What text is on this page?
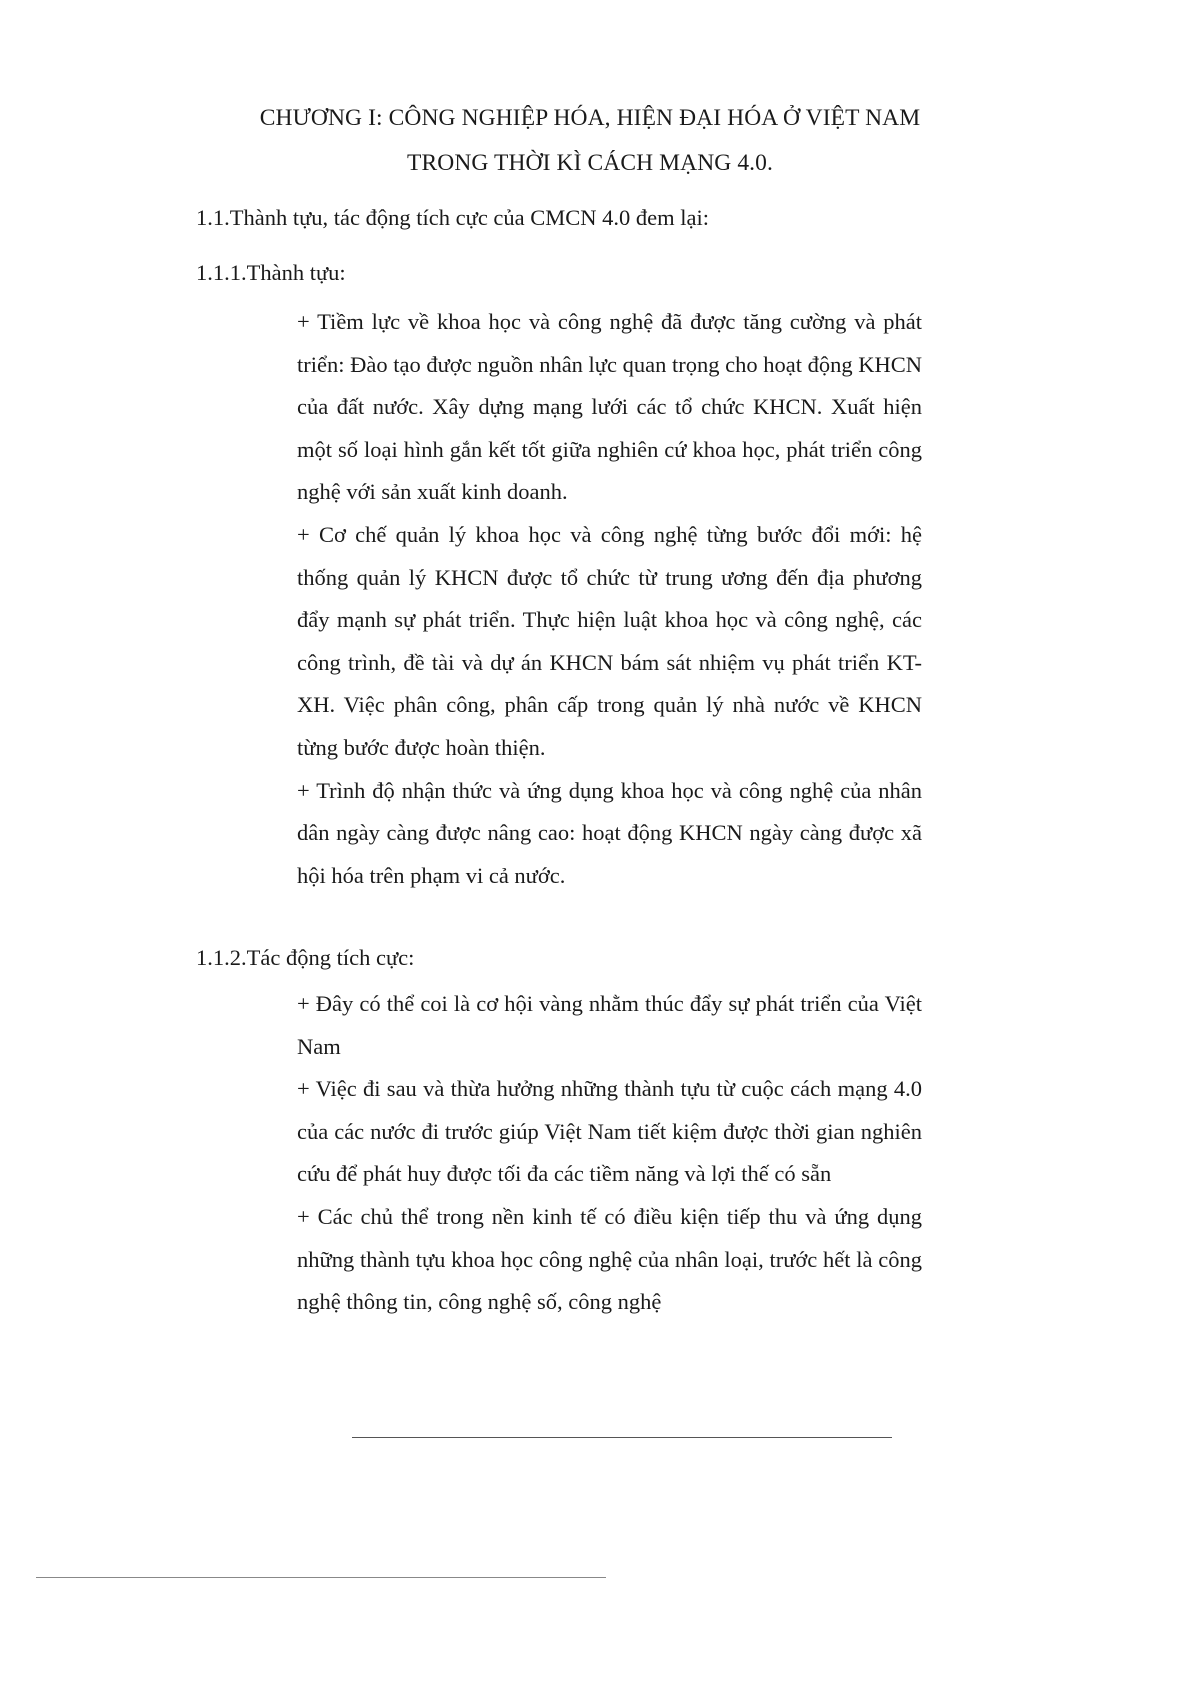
CHƯƠNG I: CÔNG NGHIỆP HÓA, HIỆN ĐẠI HÓA Ở VIỆT NAM
TRONG THỜI KÌ CÁCH MẠNG 4.0.
1.1.Thành tựu, tác động tích cực của CMCN 4.0 đem lại:
1.1.1.Thành tựu:

+ Tiềm lực về khoa học và công nghệ đã được tăng cường và phát triển: Đào tạo được nguồn nhân lực quan trọng cho hoạt động KHCN của đất nước. Xây dựng mạng lưới các tổ chức KHCN. Xuất hiện một số loại hình gắn kết tốt giữa nghiên cứ khoa học, phát triển công nghệ với sản xuất kinh doanh.

+ Cơ chế quản lý khoa học và công nghệ từng bước đổi mới: hệ thống quản lý KHCN được tổ chức từ trung ương đến địa phương đẩy mạnh sự phát triển. Thực hiện luật khoa học và công nghệ, các công trình, đề tài và dự án KHCN bám sát nhiệm vụ phát triển KT- XH. Việc phân công, phân cấp trong quản lý nhà nước về KHCN từng bước được hoàn thiện.

+ Trình độ nhận thức và ứng dụng khoa học và công nghệ của nhân dân ngày càng được nâng cao: hoạt động KHCN ngày càng được xã hội hóa trên phạm vi cả nước.

1.1.2.Tác động tích cực:

+ Đây có thể coi là cơ hội vàng nhằm thúc đẩy sự phát triển của Việt Nam

+ Việc đi sau và thừa hưởng những thành tựu từ cuộc cách mạng 4.0 của các nước đi trước giúp Việt Nam tiết kiệm được thời gian nghiên cứu để phát huy được tối đa các tiềm năng và lợi thế có sẵn

+ Các chủ thể trong nền kinh tế có điều kiện tiếp thu và ứng dụng những thành tựu khoa học công nghệ của nhân loại, trước hết là công nghệ thông tin, công nghệ số, công nghệ
